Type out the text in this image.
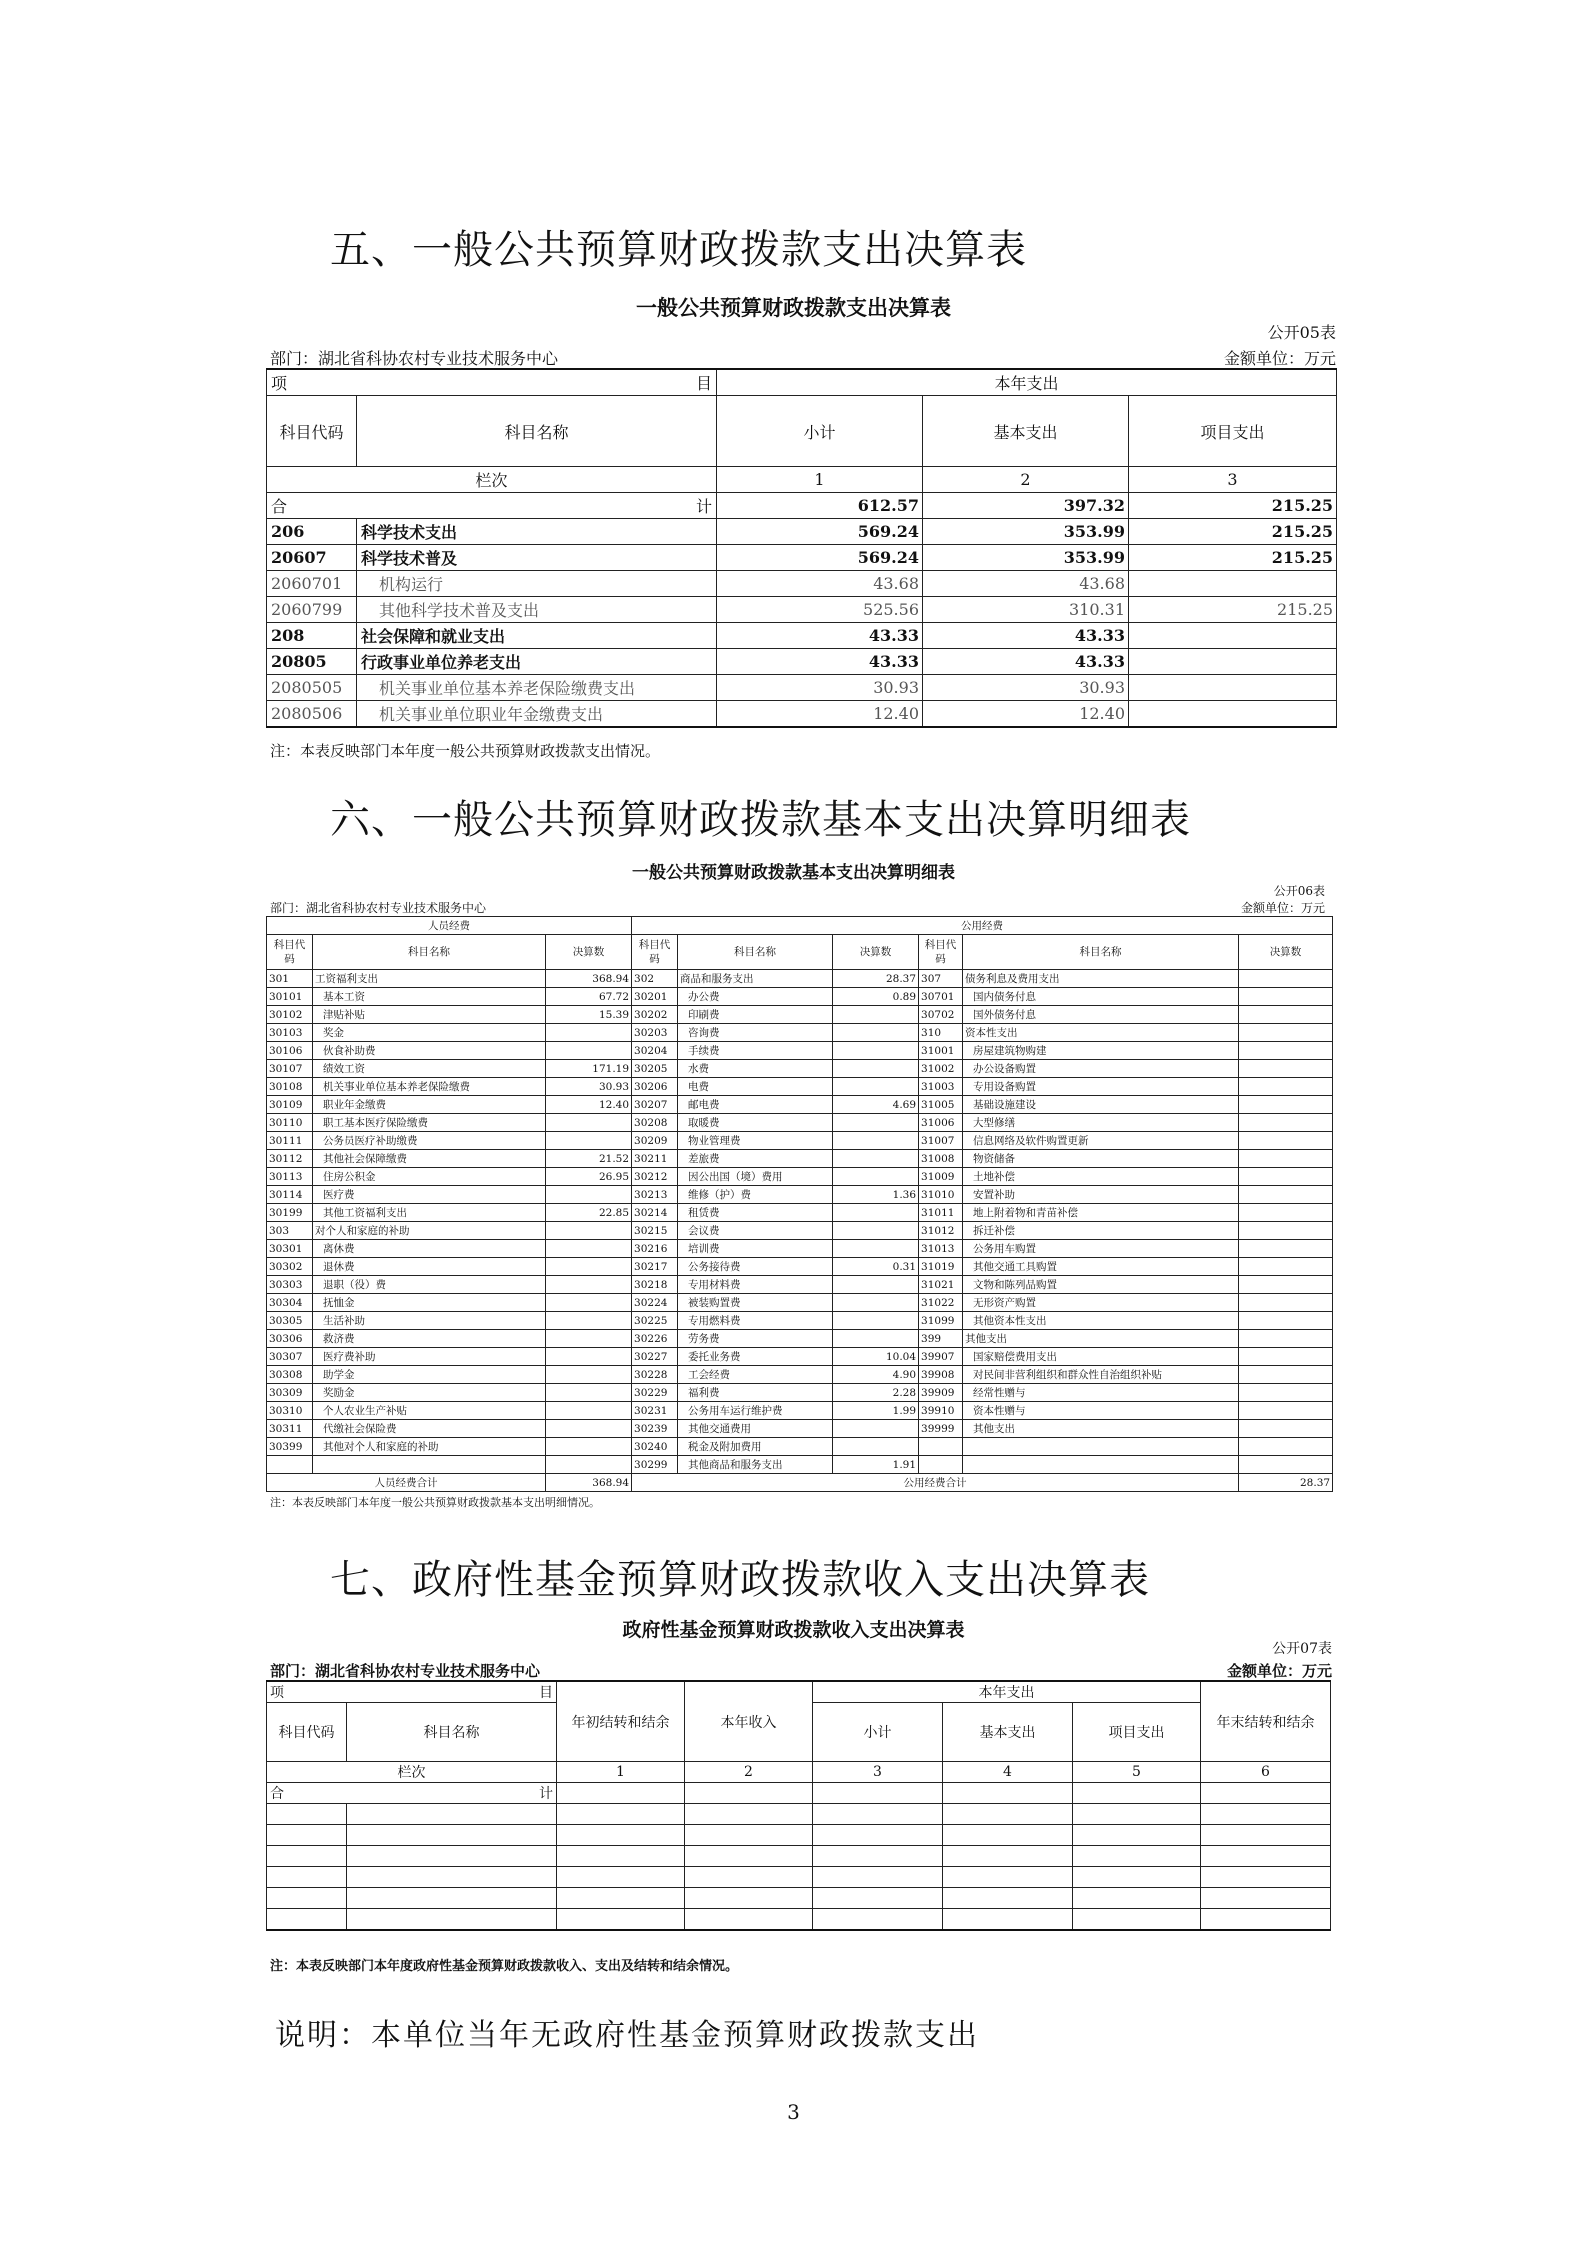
五、一般公共预算财政拨款支出决算表
一般公共预算财政拨款支出决算表
公开05表
部门：湖北省科协农村专业技术服务中心	金额单位：万元
项 目		本年支出		
科目代码	科目名称	小计	基本支出	项目支出
栏次		1	2	3
合 计		612.57	397.32	215.25
206	科学技术支出	569.24	353.99	215.25
20607	科学技术普及	569.24	353.99	215.25
2060701	机构运行	43.68	43.68	
2060799	其他科学技术普及支出	525.56	310.31	215.25
208	社会保障和就业支出	43.33	43.33	
20805	行政事业单位养老支出	43.33	43.33	
2080505	机关事业单位基本养老保险缴费支出	30.93	30.93	
2080506	机关事业单位职业年金缴费支出	12.40	12.40	
注：本表反映部门本年度一般公共预算财政拨款支出情况。
六、一般公共预算财政拨款基本支出决算明细表
一般公共预算财政拨款基本支出决算明细表
公开06表
部门：湖北省科协农村专业技术服务中心	金额单位：万元
人员经费			公用经费					
科目代码	科目名称	决算数	科目代码	科目名称	决算数	科目代码	科目名称	决算数
301	工资福利支出	368.94	302	商品和服务支出	28.37	307	债务利息及费用支出	
30101	基本工资	67.72	30201	办公费	0.89	30701	国内债务付息	
30102	津贴补贴	15.39	30202	印刷费		30702	国外债务付息	
30103	奖金		30203	咨询费		310	资本性支出	
30106	伙食补助费		30204	手续费		31001	房屋建筑物购建	
30107	绩效工资	171.19	30205	水费		31002	办公设备购置	
30108	机关事业单位基本养老保险缴费	30.93	30206	电费		31003	专用设备购置	
30109	职业年金缴费	12.40	30207	邮电费	4.69	31005	基础设施建设	
30110	职工基本医疗保险缴费		30208	取暖费		31006	大型修缮	
30111	公务员医疗补助缴费		30209	物业管理费		31007	信息网络及软件购置更新	
30112	其他社会保障缴费	21.52	30211	差旅费		31008	物资储备	
30113	住房公积金	26.95	30212	因公出国（境）费用		31009	土地补偿	
30114	医疗费		30213	维修（护）费	1.36	31010	安置补助	
30199	其他工资福利支出	22.85	30214	租赁费		31011	地上附着物和青苗补偿	
303	对个人和家庭的补助		30215	会议费		31012	拆迁补偿	
30301	离休费		30216	培训费		31013	公务用车购置	
30302	退休费		30217	公务接待费	0.31	31019	其他交通工具购置	
30303	退职（役）费		30218	专用材料费		31021	文物和陈列品购置	
30304	抚恤金		30224	被装购置费		31022	无形资产购置	
30305	生活补助		30225	专用燃料费		31099	其他资本性支出	
30306	救济费		30226	劳务费		399	其他支出	
30307	医疗费补助		30227	委托业务费	10.04	39907	国家赔偿费用支出	
30308	助学金		30228	工会经费	4.90	39908	对民间非营利组织和群众性自治组织补贴	
30309	奖励金		30229	福利费	2.28	39909	经常性赠与	
30310	个人农业生产补贴		30231	公务用车运行维护费	1.99	39910	资本性赠与	
30311	代缴社会保险费		30239	其他交通费用		39999	其他支出	
30399	其他对个人和家庭的补助		30240	税金及附加费用				
			30299	其他商品和服务支出	1.91			
人员经费合计		368.94	公用经费合计					28.37
注：本表反映部门本年度一般公共预算财政拨款基本支出明细情况。
七、政府性基金预算财政拨款收入支出决算表
政府性基金预算财政拨款收入支出决算表
公开07表
部门：湖北省科协农村专业技术服务中心	金额单位：万元
项 目		年初结转和结余	本年收入	本年支出			年末结转和结余
科目代码	科目名称			小计	基本支出	项目支出	
栏次		1	2	3	4	5	6
合 计							

注：本表反映部门本年度政府性基金预算财政拨款收入、支出及结转和结余情况。
说明：本单位当年无政府性基金预算财政拨款支出
3
